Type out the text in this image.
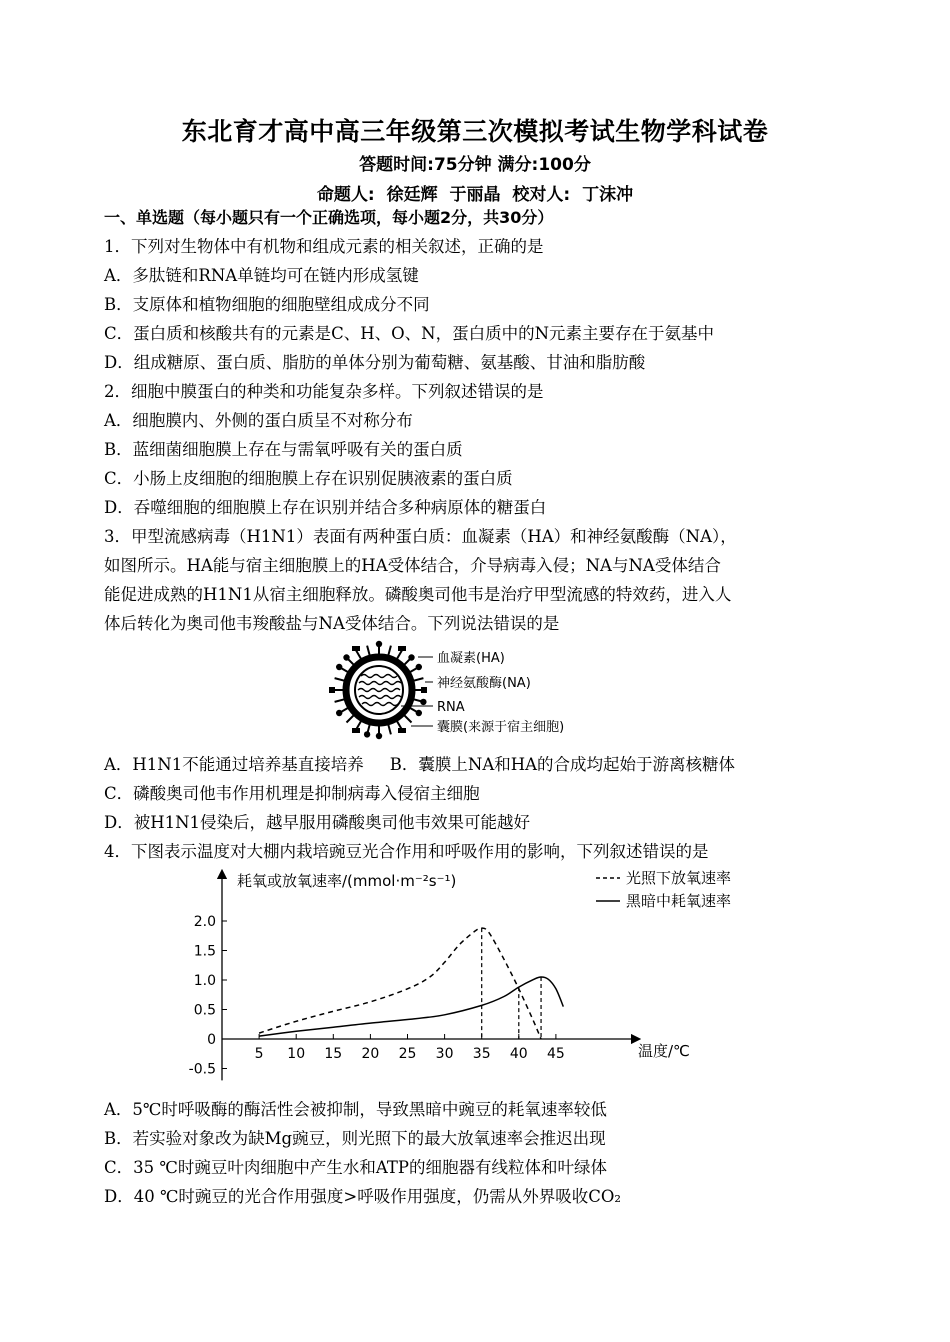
东北育才高中高三年级第三次模拟考试生物学科试卷
答题时间:75分钟 满分:100分
命题人: 徐廷辉 于丽晶 校对人: 丁沫冲
一、单选题（每小题只有一个正确选项，每小题2分，共30分）
1．下列对生物体中有机物和组成元素的相关叙述，正确的是
A．多肽链和RNA单链均可在链内形成氢键
B．支原体和植物细胞的细胞壁组成成分不同
C．蛋白质和核酸共有的元素是C、H、O、N，蛋白质中的N元素主要存在于氨基中
D．组成糖原、蛋白质、脂肪的单体分别为葡萄糖、氨基酸、甘油和脂肪酸
2．细胞中膜蛋白的种类和功能复杂多样。下列叙述错误的是
A．细胞膜内、外侧的蛋白质呈不对称分布
B．蓝细菌细胞膜上存在与需氧呼吸有关的蛋白质
C．小肠上皮细胞的细胞膜上存在识别促胰液素的蛋白质
D．吞噬细胞的细胞膜上存在识别并结合多种病原体的糖蛋白
3．甲型流感病毒（H1N1）表面有两种蛋白质：血凝素（HA）和神经氨酸酶（NA），
如图所示。HA能与宿主细胞膜上的HA受体结合，介导病毒入侵；NA与NA受体结合
能促进成熟的H1N1从宿主细胞释放。磷酸奥司他韦是治疗甲型流感的特效药，进入人
体后转化为奥司他韦羧酸盐与NA受体结合。下列说法错误的是
血凝素(HA)
神经氨酸酶(NA)
RNA
囊膜(来源于宿主细胞)
A．H1N1不能通过培养基直接培养 B．囊膜上NA和HA的合成均起始于游离核糖体
C．磷酸奥司他韦作用机理是抑制病毒入侵宿主细胞
D．被H1N1侵染后，越早服用磷酸奥司他韦效果可能越好
4．下图表示温度对大棚内栽培豌豆光合作用和呼吸作用的影响，下列叙述错误的是
耗氧或放氧速率/(mmol·m⁻²s⁻¹)	光照下放氧速率
黑暗中耗氧速率
温度/℃
2.0
1.5
1.0
0.5
0
-0.5
5 10 15 20 25 30 35 40 45
A．5℃时呼吸酶的酶活性会被抑制，导致黑暗中豌豆的耗氧速率较低
B．若实验对象改为缺Mg豌豆，则光照下的最大放氧速率会推迟出现
C．35 ℃时豌豆叶肉细胞中产生水和ATP的细胞器有线粒体和叶绿体
D．40 ℃时豌豆的光合作用强度>呼吸作用强度，仍需从外界吸收CO₂
